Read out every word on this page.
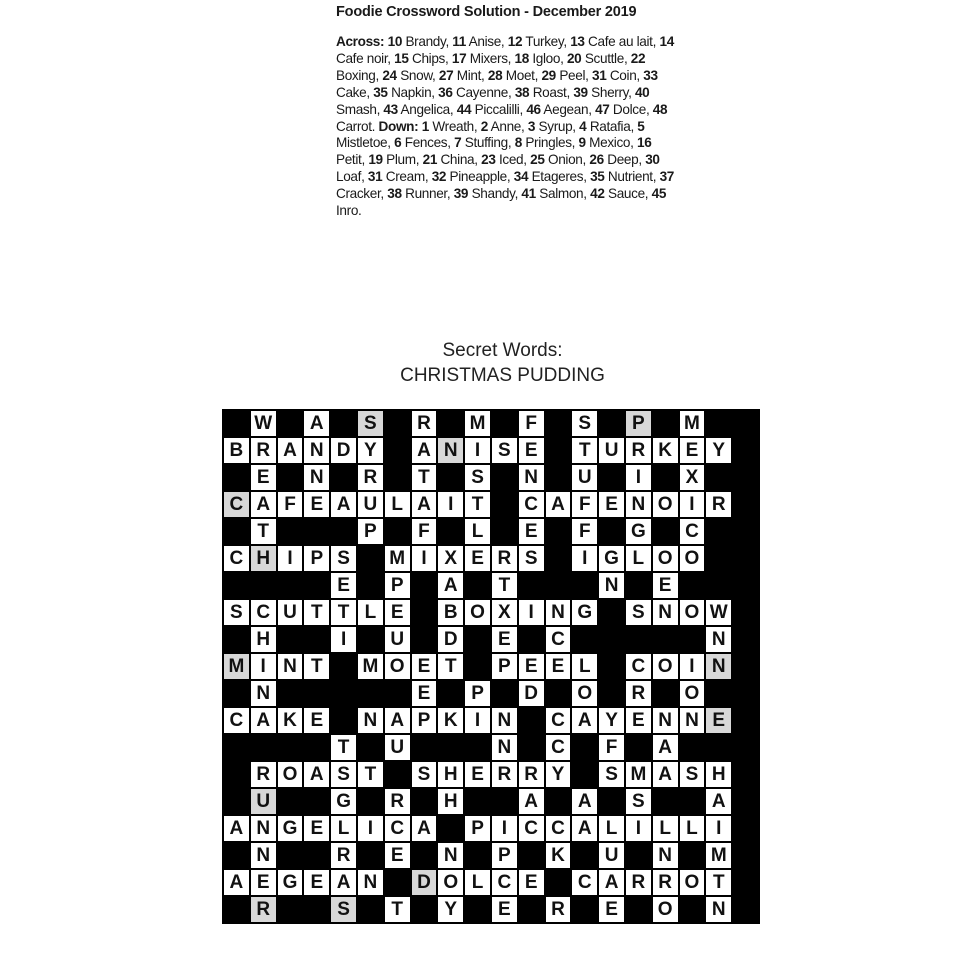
Foodie Crossword Solution - December 2019
Across: 10 Brandy, 11 Anise, 12 Turkey, 13 Cafe au lait, 14 Cafe noir, 15 Chips, 17 Mixers, 18 Igloo, 20 Scuttle, 22 Boxing, 24 Snow, 27 Mint, 28 Moet, 29 Peel, 31 Coin, 33 Cake, 35 Napkin, 36 Cayenne, 38 Roast, 39 Sherry, 40 Smash, 43 Angelica, 44 Piccalilli, 46 Aegean, 47 Dolce, 48 Carrot. Down: 1 Wreath, 2 Anne, 3 Syrup, 4 Ratafia, 5 Mistletoe, 6 Fences, 7 Stuffing, 8 Pringles, 9 Mexico, 16 Petit, 19 Plum, 21 China, 23 Iced, 25 Onion, 26 Deep, 30 Loaf, 31 Cream, 32 Pineapple, 34 Etageres, 35 Nutrient, 37 Cracker, 38 Runner, 39 Shandy, 41 Salmon, 42 Sauce, 45 Inro.
Secret Words:
CHRISTMAS PUDDING
W	A	S	R	M	F	S	P	M
B R A N D Y	A N I S E	T U R K E Y
E	N	R	T	S	N	U	I	X
C A F E A U L A I T	C A F E N O I R
T	P	F	L	E	F	G	C
C H I P S	M I X E R S	I G L O O
E	P	A	T	N	E
S C U T T L E	B O X I N G	S N O W
H	I	U	D	E	C	N
M I N T	M O E T	P E E L	C O I N
N	E	P	D	O	R	O
C A K E	N A P K I N	C A Y E N N E
T	U	N	C	F	A
R O A S T	S H E R R Y	S M A S H
U	G	R	H	A	A	S	A
A N G E L I C A	P I C C A L I L L I
N	R	E	N	P	K	U	N	M
A E G E A N	D O L C E	C A R R O T
R	S	T	Y	E	R	E	O	N
